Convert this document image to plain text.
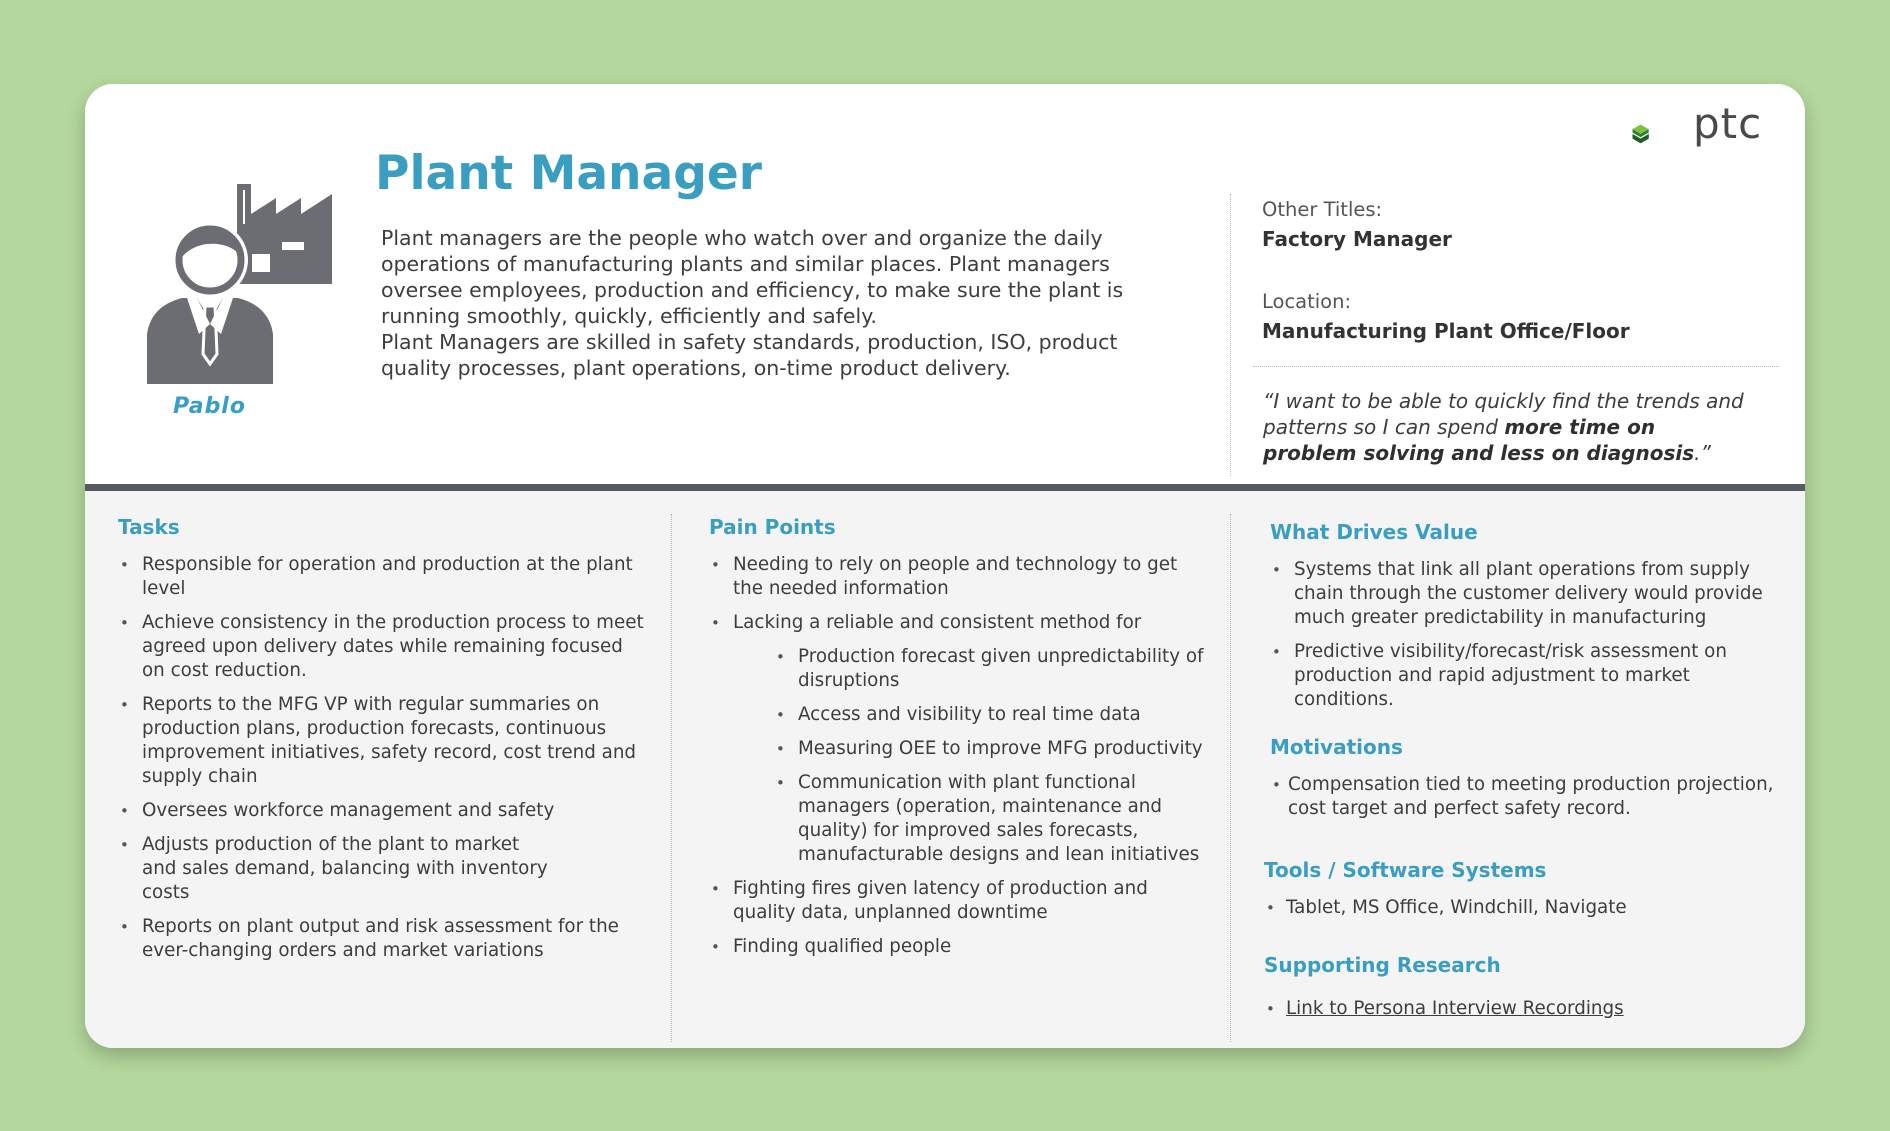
Pablo
Plant Manager

Plant managers are the people who watch over and organize the daily operations of manufacturing plants and similar places. Plant managers oversee employees, production and efficiency, to make sure the plant is running smoothly, quickly, efficiently and safely.

Plant Managers are skilled in safety standards, production, ISO, product quality processes, plant operations, on-time product delivery.

Other Titles:
Factory Manager
Location:
Manufacturing Plant Office/Floor
“I want to be able to quickly find the trends and patterns so I can spend more time on problem solving and less on diagnosis.”
ptc
Tasks
• Responsible for operation and production at the plant level
• Achieve consistency in the production process to meet agreed upon delivery dates while remaining focused on cost reduction.
• Reports to the MFG VP with regular summaries on production plans, production forecasts, continuous improvement initiatives, safety record, cost trend and supply chain
• Oversees workforce management and safety
• Adjusts production of the plant to market and sales demand, balancing with inventory costs
• Reports on plant output and risk assessment for the ever-changing orders and market variations
Pain Points
• Needing to rely on people and technology to get the needed information
• Lacking a reliable and consistent method for
• Production forecast given unpredictability of disruptions
• Access and visibility to real time data
• Measuring OEE to improve MFG productivity
• Communication with plant functional managers (operation, maintenance and quality) for improved sales forecasts, manufacturable designs and lean initiatives
• Fighting fires given latency of production and quality data, unplanned downtime
• Finding qualified people
What Drives Value
• Systems that link all plant operations from supply chain through the customer delivery would provide much greater predictability in manufacturing
• Predictive visibility/forecast/risk assessment on production and rapid adjustment to market conditions.
Motivations
• Compensation tied to meeting production projection, cost target and perfect safety record.
Tools / Software Systems
• Tablet, MS Office, Windchill, Navigate
Supporting Research
• Link to Persona Interview Recordings
